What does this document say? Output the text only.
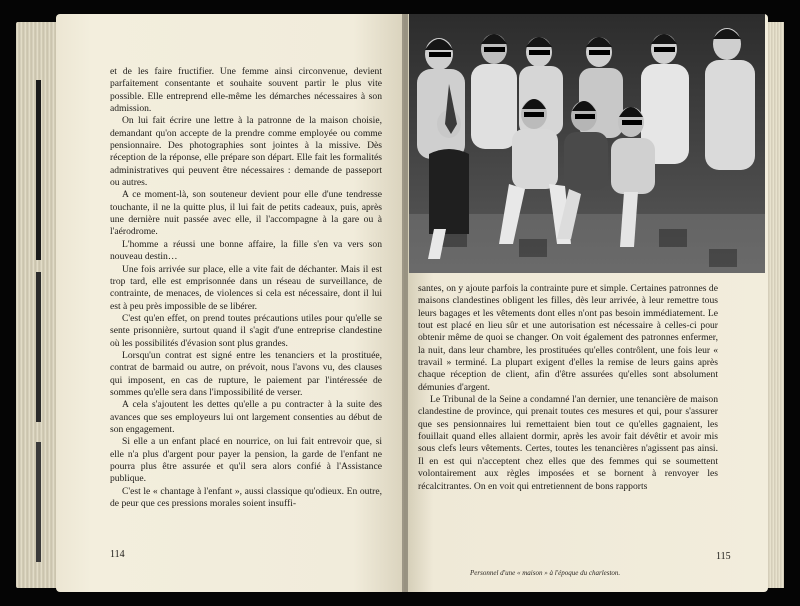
et de les faire fructifier. Une femme ainsi circonvenue, devient parfaitement consentante et souhaite souvent partir le plus vite possible. Elle entreprend elle-même les démarches nécessaires à son admission.

On lui fait écrire une lettre à la patronne de la maison choisie, demandant qu'on accepte de la prendre comme employée ou comme pensionnaire. Des photographies sont jointes à la missive. Dès réception de la réponse, elle prépare son départ. Elle fait les formalités administratives qui peuvent être nécessaires : demande de passeport ou autres.

A ce moment-là, son souteneur devient pour elle d'une tendresse touchante, il ne la quitte plus, il lui fait de petits cadeaux, puis, après une dernière nuit passée avec elle, il l'accompagne à la gare ou à l'aérodrome.

L'homme a réussi une bonne affaire, la fille s'en va vers son nouveau destin…

Une fois arrivée sur place, elle a vite fait de déchanter. Mais il est trop tard, elle est emprisonnée dans un réseau de surveillance, de contrainte, de menaces, de violences si cela est nécessaire, dont il lui est à peu près impossible de se libérer.

C'est qu'en effet, on prend toutes précautions utiles pour qu'elle se sente prisonnière, surtout quand il s'agit d'une entreprise clandestine où les possibilités d'évasion sont plus grandes.

Lorsqu'un contrat est signé entre les tenanciers et la prostituée, contrat de barmaid ou autre, on prévoit, nous l'avons vu, des clauses qui imposent, en cas de rupture, le paiement par l'intéressée de sommes qu'elle sera dans l'impossibilité de verser.

A cela s'ajoutent les dettes qu'elle a pu contracter à la suite des avances que ses employeurs lui ont largement consenties au début de son engagement.

Si elle a un enfant placé en nourrice, on lui fait entrevoir que, si elle n'a plus d'argent pour payer la pension, la garde de l'enfant ne pourra plus être assurée et qu'il sera alors confié à l'Assistance publique.

C'est le « chantage à l'enfant », aussi classique qu'odieux. En outre, de peur que ces pressions morales soient insuffi-

114

santes, on y ajoute parfois la contrainte pure et simple. Certaines patronnes de maisons clandestines obligent les filles, dès leur arrivée, à leur remettre tous leurs bagages et les vêtements dont elles n'ont pas besoin immédiatement. Le tout est placé en lieu sûr et une autorisation est nécessaire à celles-ci pour obtenir même de quoi se changer. On voit également des patronnes enfermer, la nuit, dans leur chambre, les prostituées qu'elles contrôlent, une fois leur « travail » terminé. La plupart exigent d'elles la remise de leurs gains après chaque réception de client, afin d'être assurées qu'elles sont absolument démunies d'argent.

Le Tribunal de la Seine a condamné l'an dernier, une tenancière de maison clandestine de province, qui prenait toutes ces mesures et qui, pour s'assurer que ses pensionnaires lui remettaient bien tout ce qu'elles gagnaient, les fouillait quand elles allaient dormir, après les avoir fait dévêtir et avoir mis sous clefs leurs vêtements. Certes, toutes les tenancières n'agissent pas ainsi. Il en est qui n'acceptent chez elles que des femmes qui se soumettent volontairement aux règles imposées et se bornent à renvoyer les récalcitrantes. On en voit qui entretiennent de bons rapports

115
Personnel d'une « maison » à l'époque du charleston.
